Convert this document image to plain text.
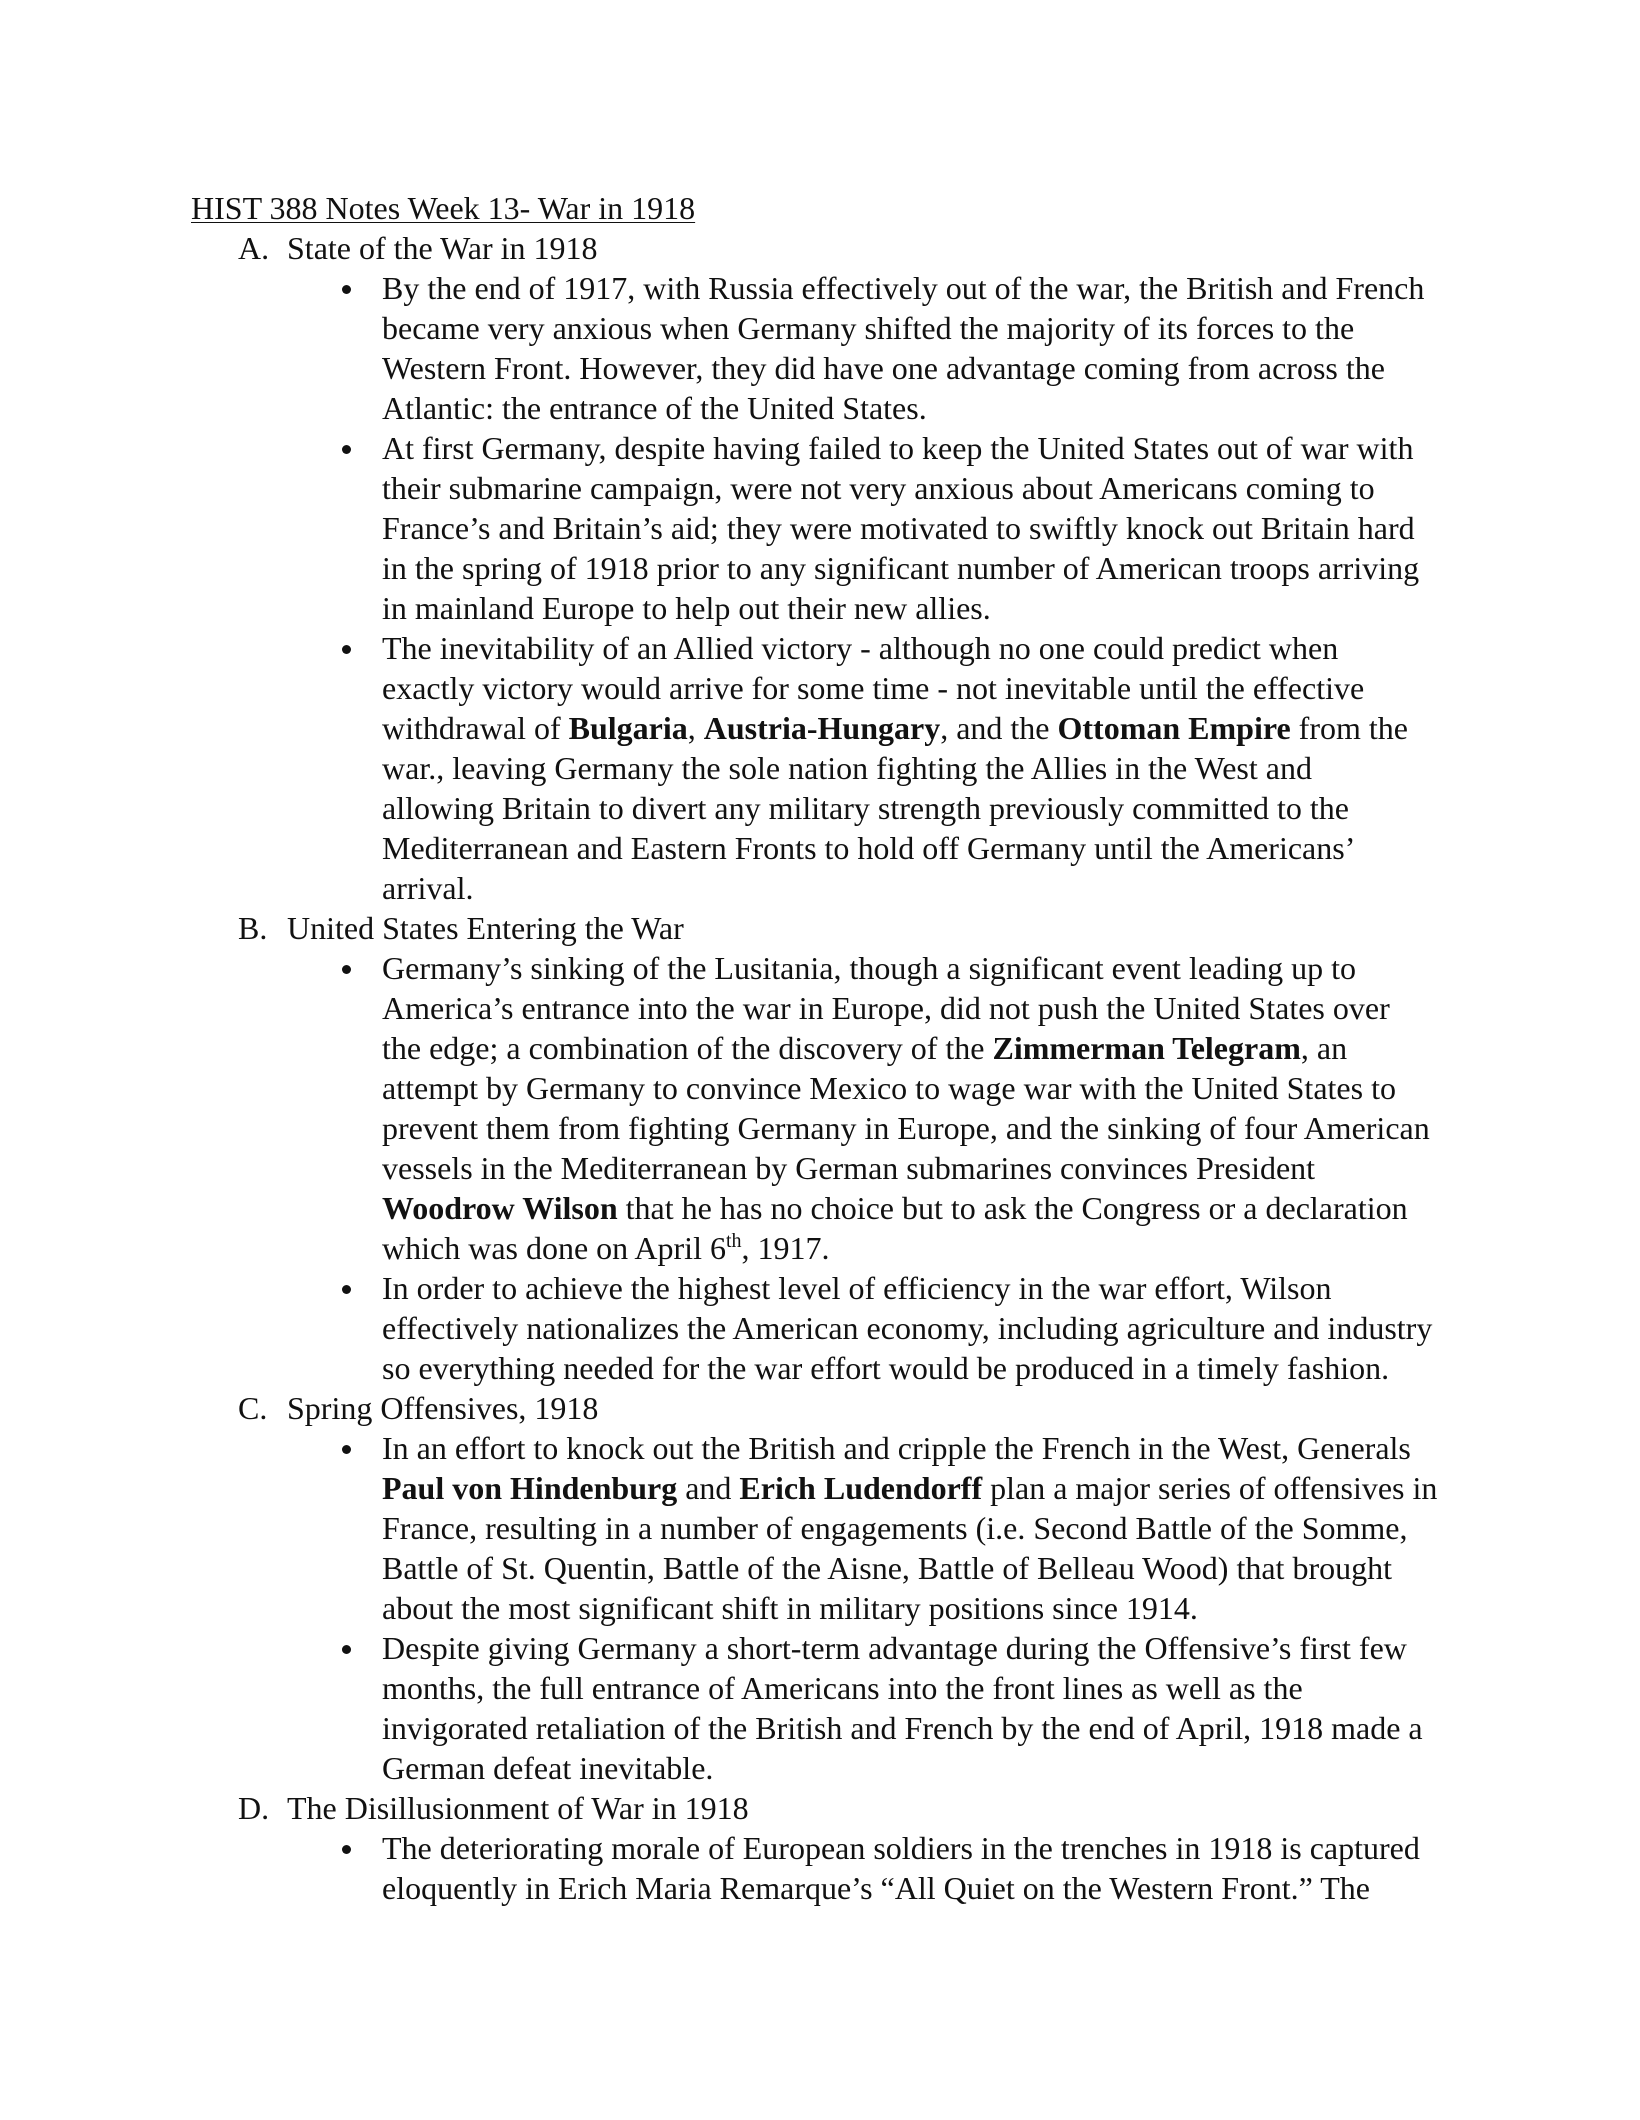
HIST 388 Notes Week 13- War in 1918
A. State of the War in 1918
By the end of 1917, with Russia effectively out of the war, the British and French
became very anxious when Germany shifted the majority of its forces to the
Western Front. However, they did have one advantage coming from across the
Atlantic: the entrance of the United States.
At first Germany, despite having failed to keep the United States out of war with
their submarine campaign, were not very anxious about Americans coming to
France’s and Britain’s aid; they were motivated to swiftly knock out Britain hard
in the spring of 1918 prior to any significant number of American troops arriving
in mainland Europe to help out their new allies.
The inevitability of an Allied victory - although no one could predict when
exactly victory would arrive for some time - not inevitable until the effective
withdrawal of Bulgaria, Austria-Hungary, and the Ottoman Empire from the
war., leaving Germany the sole nation fighting the Allies in the West and
allowing Britain to divert any military strength previously committed to the
Mediterranean and Eastern Fronts to hold off Germany until the Americans’
arrival.
B. United States Entering the War
Germany’s sinking of the Lusitania, though a significant event leading up to
America’s entrance into the war in Europe, did not push the United States over
the edge; a combination of the discovery of the Zimmerman Telegram, an
attempt by Germany to convince Mexico to wage war with the United States to
prevent them from fighting Germany in Europe, and the sinking of four American
vessels in the Mediterranean by German submarines convinces President
Woodrow Wilson that he has no choice but to ask the Congress or a declaration
which was done on April 6th, 1917.
In order to achieve the highest level of efficiency in the war effort, Wilson
effectively nationalizes the American economy, including agriculture and industry
so everything needed for the war effort would be produced in a timely fashion.
C. Spring Offensives, 1918
In an effort to knock out the British and cripple the French in the West, Generals
Paul von Hindenburg and Erich Ludendorff plan a major series of offensives in
France, resulting in a number of engagements (i.e. Second Battle of the Somme,
Battle of St. Quentin, Battle of the Aisne, Battle of Belleau Wood) that brought
about the most significant shift in military positions since 1914.
Despite giving Germany a short-term advantage during the Offensive’s first few
months, the full entrance of Americans into the front lines as well as the
invigorated retaliation of the British and French by the end of April, 1918 made a
German defeat inevitable.
D. The Disillusionment of War in 1918
The deteriorating morale of European soldiers in the trenches in 1918 is captured
eloquently in Erich Maria Remarque’s “All Quiet on the Western Front.” The
